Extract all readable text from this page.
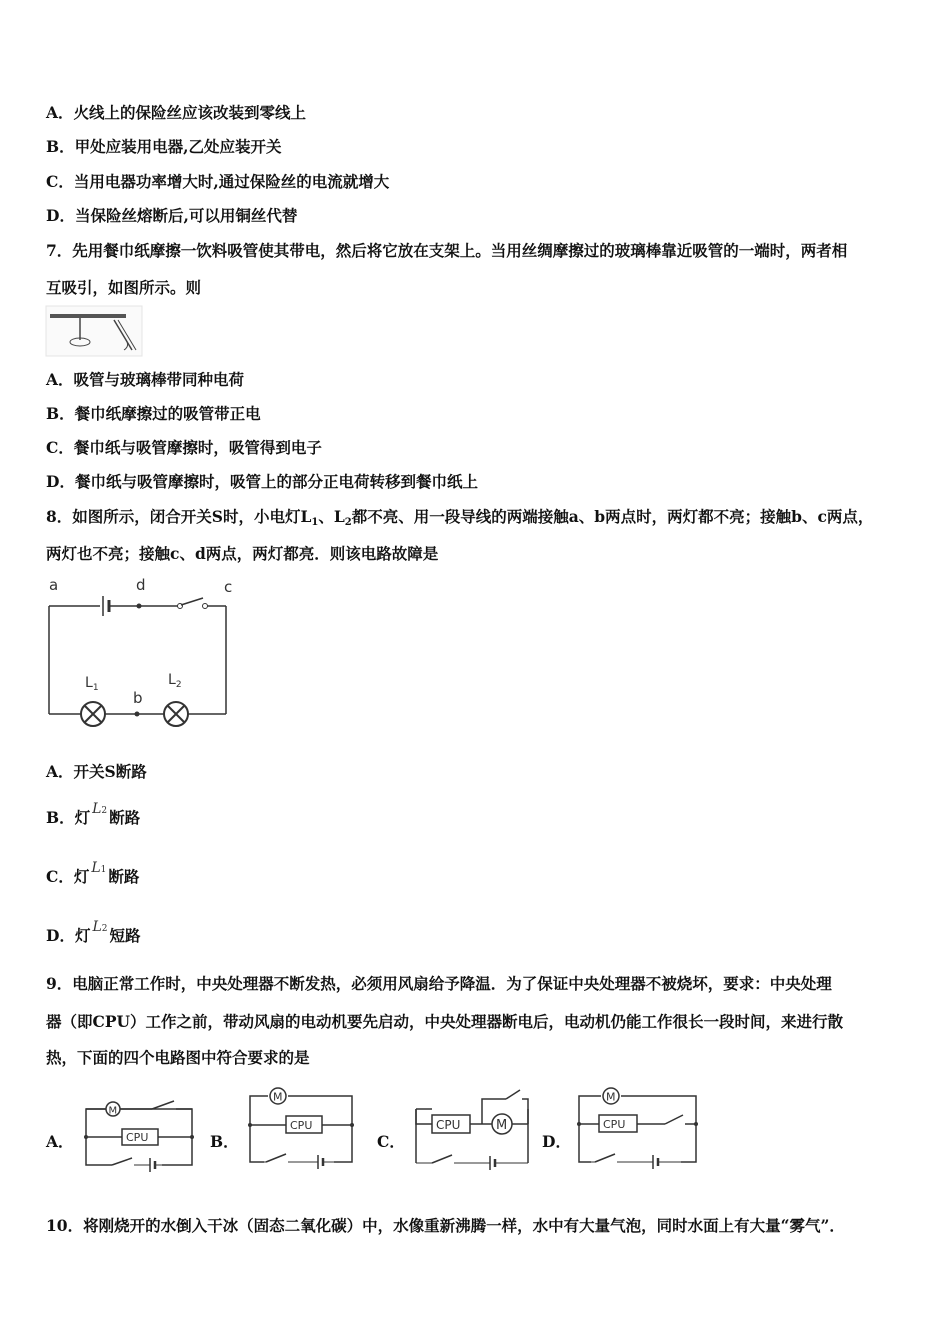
A．火线上的保险丝应该改装到零线上
B．甲处应装用电器,乙处应装开关
C．当用电器功率增大时,通过保险丝的电流就增大
D．当保险丝熔断后,可以用铜丝代替
7．先用餐巾纸摩擦一饮料吸管使其带电，然后将它放在支架上。当用丝绸摩擦过的玻璃棒靠近吸管的一端时，两者相
互吸引，如图所示。则
A．吸管与玻璃棒带同种电荷
B．餐巾纸摩擦过的吸管带正电
C．餐巾纸与吸管摩擦时，吸管得到电子
D．餐巾纸与吸管摩擦时，吸管上的部分正电荷转移到餐巾纸上
8．如图所示，闭合开关S时，小电灯$L_1$、$L_2$都不亮、用一段导线的两端接触a、b两点时，两灯都不亮；接触b、c两点，
两灯也不亮；接触c、d两点，两灯都亮．则该电路故障是
a	d	c
b
$L_1$	$L_2$
A．开关S断路
B．灯 L2 断路
C．灯 L1 断路
D．灯 L2 短路
9．电脑正常工作时，中央处理器不断发热，必须用风扇给予降温．为了保证中央处理器不被烧坏，要求：中央处理
器（即CPU）工作之前，带动风扇的电动机要先启动，中央处理器断电后，电动机仍能工作很长一段时间，来进行散
热，下面的四个电路图中符合要求的是
A．	B．	C．	D．
M
CPU
M
CPU	CPU	M
M
CPU
10．将刚烧开的水倒入干冰（固态二氧化碳）中，水像重新沸腾一样，水中有大量气泡，同时水面上有大量“雾气”．
